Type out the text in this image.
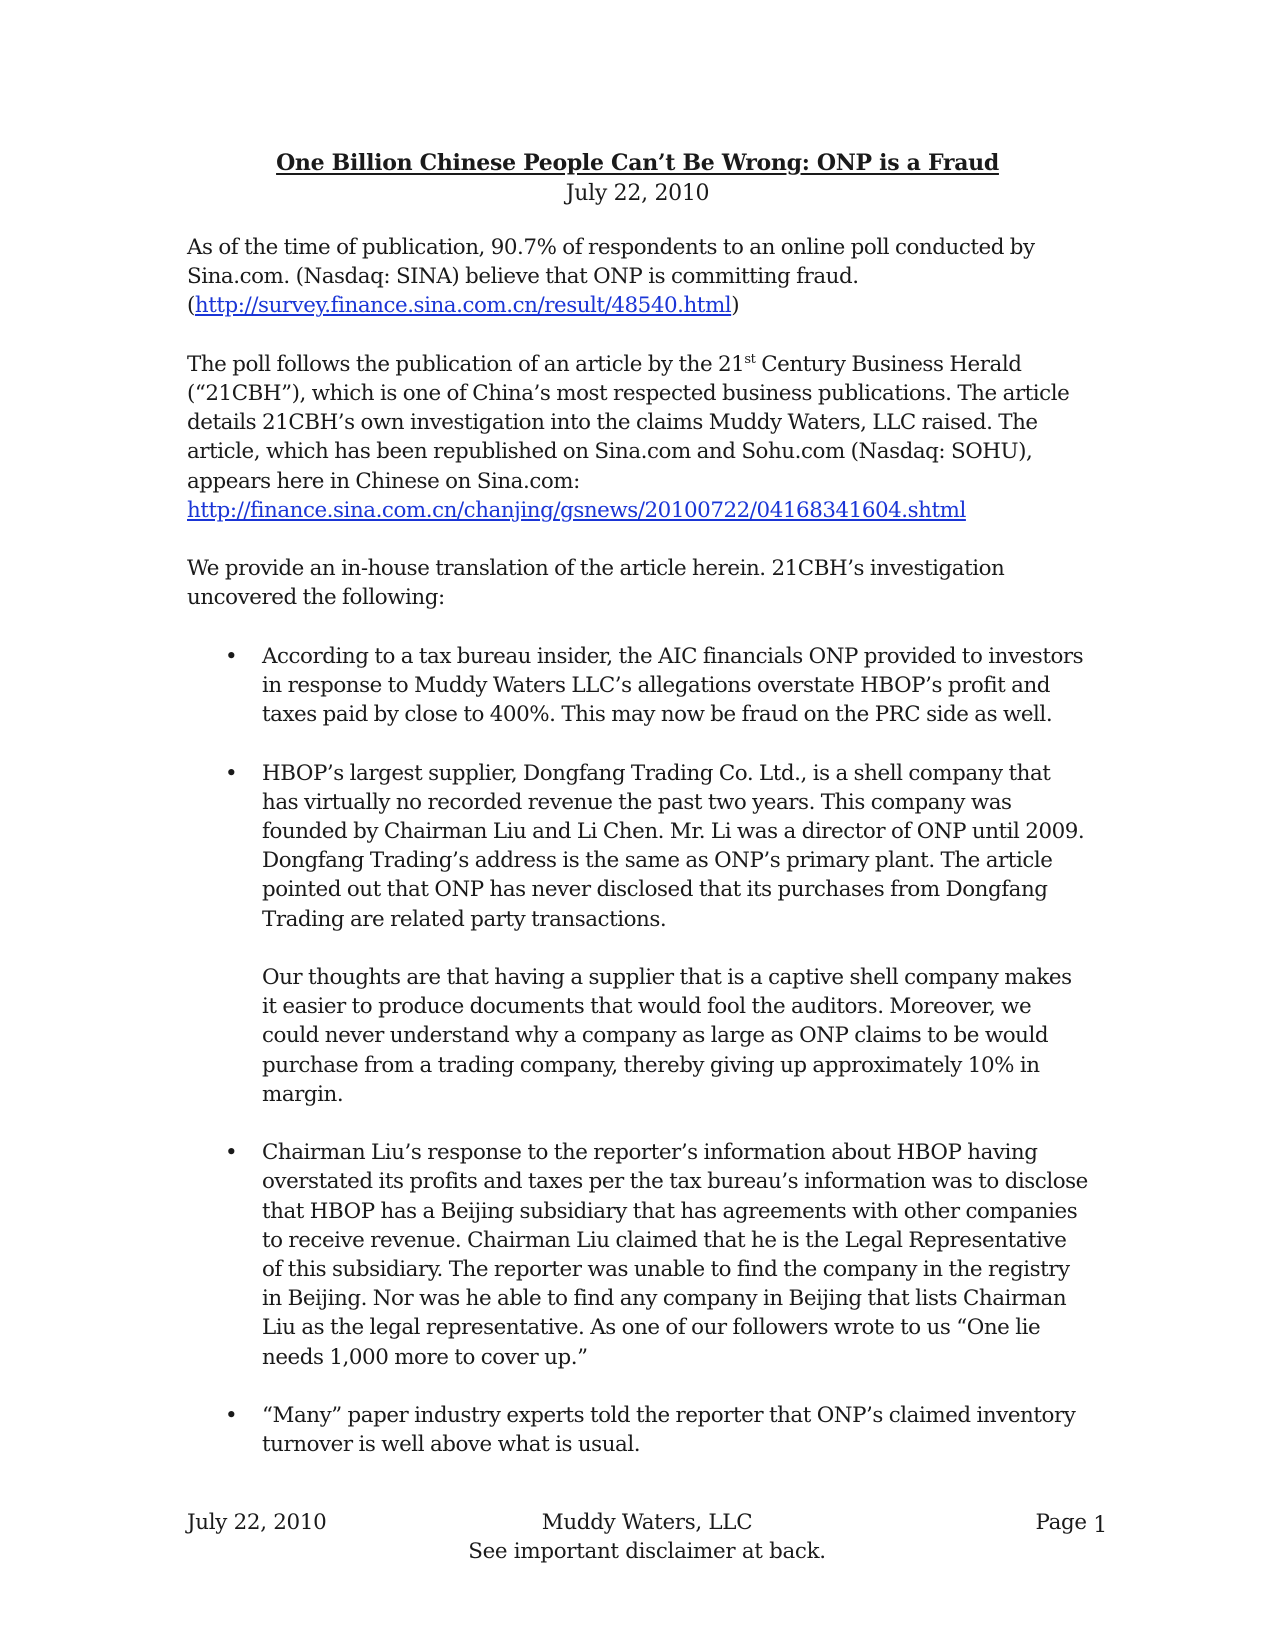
One Billion Chinese People Can’t Be Wrong: ONP is a Fraud
July 22, 2010

As of the time of publication, 90.7% of respondents to an online poll conducted by Sina.com. (Nasdaq: SINA) believe that ONP is committing fraud.
(http://survey.finance.sina.com.cn/result/48540.html)

The poll follows the publication of an article by the 21st Century Business Herald (“21CBH”), which is one of China’s most respected business publications. The article details 21CBH’s own investigation into the claims Muddy Waters, LLC raised. The article, which has been republished on Sina.com and Sohu.com (Nasdaq: SOHU), appears here in Chinese on Sina.com:
http://finance.sina.com.cn/chanjing/gsnews/20100722/04168341604.shtml

We provide an in-house translation of the article herein. 21CBH’s investigation uncovered the following:

• According to a tax bureau insider, the AIC financials ONP provided to investors in response to Muddy Waters LLC’s allegations overstate HBOP’s profit and taxes paid by close to 400%. This may now be fraud on the PRC side as well.

• HBOP’s largest supplier, Dongfang Trading Co. Ltd., is a shell company that has virtually no recorded revenue the past two years. This company was founded by Chairman Liu and Li Chen. Mr. Li was a director of ONP until 2009. Dongfang Trading’s address is the same as ONP’s primary plant. The article pointed out that ONP has never disclosed that its purchases from Dongfang Trading are related party transactions.

Our thoughts are that having a supplier that is a captive shell company makes it easier to produce documents that would fool the auditors. Moreover, we could never understand why a company as large as ONP claims to be would purchase from a trading company, thereby giving up approximately 10% in margin.

• Chairman Liu’s response to the reporter’s information about HBOP having overstated its profits and taxes per the tax bureau’s information was to disclose that HBOP has a Beijing subsidiary that has agreements with other companies to receive revenue. Chairman Liu claimed that he is the Legal Representative of this subsidiary. The reporter was unable to find the company in the registry in Beijing. Nor was he able to find any company in Beijing that lists Chairman Liu as the legal representative. As one of our followers wrote to us “One lie needs 1,000 more to cover up.”

• “Many” paper industry experts told the reporter that ONP’s claimed inventory turnover is well above what is usual.

July 22, 2010	Muddy Waters, LLC	Page 1
See important disclaimer at back.
